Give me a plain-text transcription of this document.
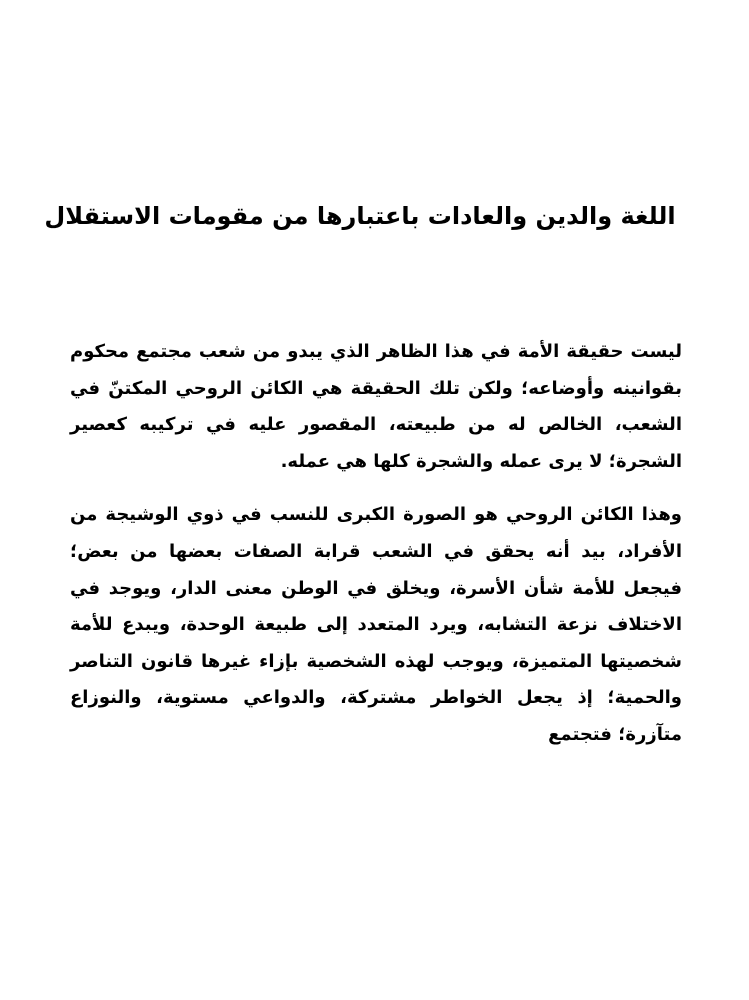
اللغة والدين والعادات باعتبارها من مقومات الاستقلال

ليست حقيقة الأمة في هذا الظاهر الذي يبدو من شعب مجتمع محكوم بقوانينه وأوضاعه؛ ولكن تلك الحقيقة هي الكائن الروحي المكتنّ في الشعب، الخالص له من طبيعته، المقصور عليه في تركيبه كعصير الشجرة؛ لا يرى عمله والشجرة كلها هي عمله.

وهذا الكائن الروحي هو الصورة الكبرى للنسب في ذوي الوشيجة من الأفراد، بيد أنه يحقق في الشعب قرابة الصفات بعضها من بعض؛ فيجعل للأمة شأن الأسرة، ويخلق في الوطن معنى الدار، ويوجد في الاختلاف نزعة التشابه، ويرد المتعدد إلى طبيعة الوحدة، ويبدع للأمة شخصيتها المتميزة، ويوجب لهذه الشخصية بإزاء غيرها قانون التناصر والحمية؛ إذ يجعل الخواطر مشتركة، والدواعي مستوية، والنوزاع متآزرة؛ فتجتمع
